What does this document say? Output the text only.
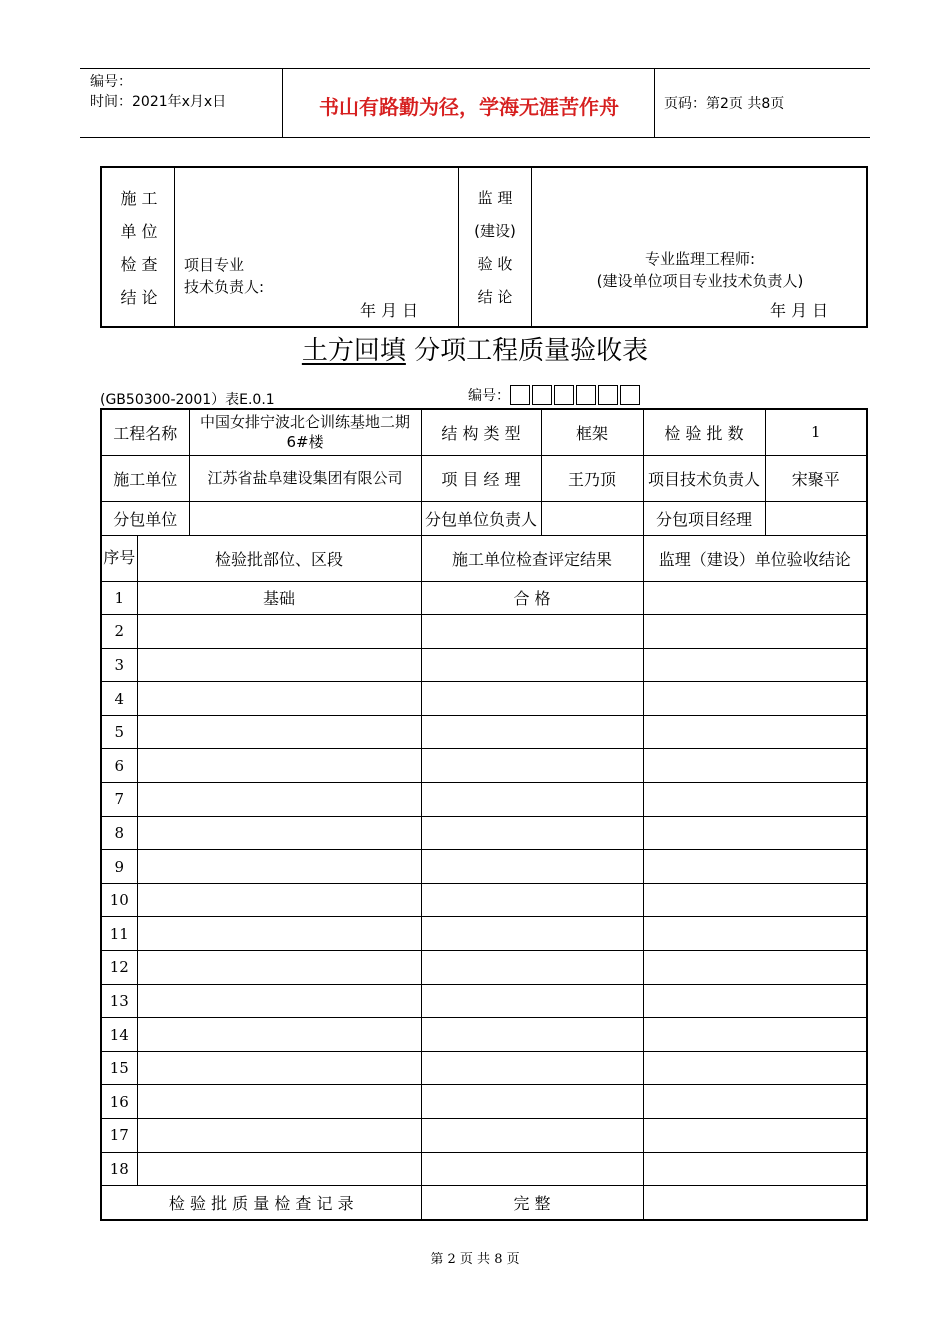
编号：
时间：2021年x月x日	书山有路勤为径，学海无涯苦作舟	页码：第2页 共8页
施 工
单 位
检 查
结 论
项目专业
技术负责人:
年 月 日
监 理
(建设)
验 收
结 论
专业监理工程师:
(建设单位项目专业技术负责人)
年 月 日
土方回填 分项工程质量验收表
(GB50300-2001）表E.0.1	编号：
工程名称		中国女排宁波北仑训练基地二期6#楼	结 构 类 型	框架	检 验 批 数	1
施工单位		江苏省盐阜建设集团有限公司	项 目 经 理	王乃顶	项目技术负责人	宋聚平
分包单位			分包单位负责人		分包项目经理	
序号	检验批部位、区段		施工单位检查评定结果		监理（建设）单位验收结论	
1	基础		合 格			
2						
3						
4						
5						
6						
7						
8						
9						
10						
11						
12						
13						
14						
15						
16						
17						
18						
检 验 批 质 量 检 查 记 录			完 整			
第 2 页 共 8 页
